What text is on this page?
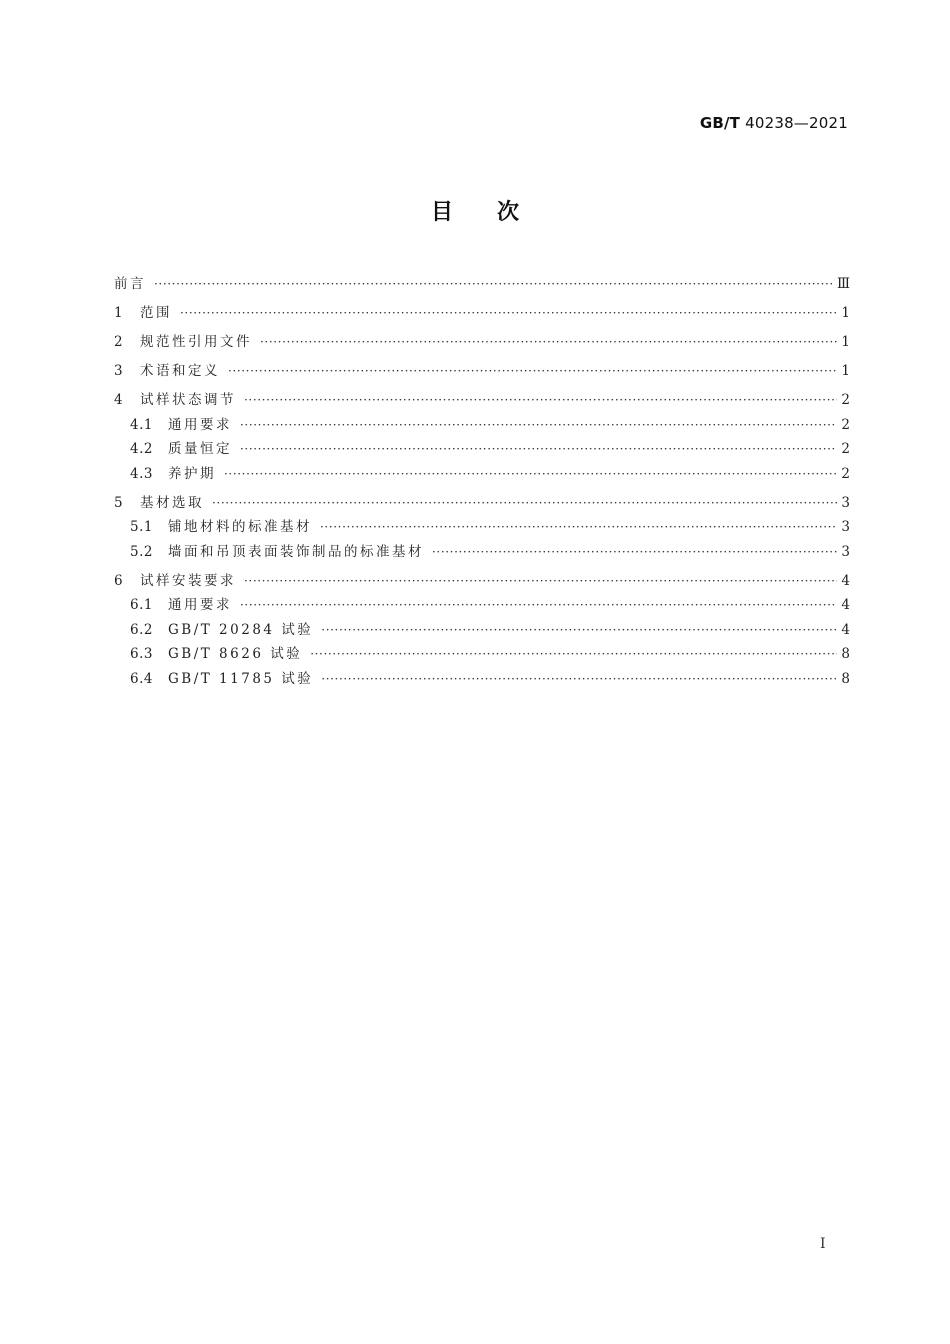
GB/T 40238—2021
目次
前言 ·····	Ⅲ
1	范围 ·····	1
2	规范性引用文件 ·····	1
3	术语和定义 ·····	1
4	试样状态调节 ·····	2
4.1	通用要求 ·····	2
4.2	质量恒定 ·····	2
4.3	养护期 ·····	2
5	基材选取 ·····	3
5.1	铺地材料的标准基材 ·····	3
5.2	墙面和吊顶表面装饰制品的标准基材 ·····	3
6	试样安装要求 ·····	4
6.1	通用要求 ·····	4
6.2	GB/T 20284 试验 ·····	4
6.3	GB/T 8626 试验 ·····	8
6.4	GB/T 11785 试验 ·····	8
I
